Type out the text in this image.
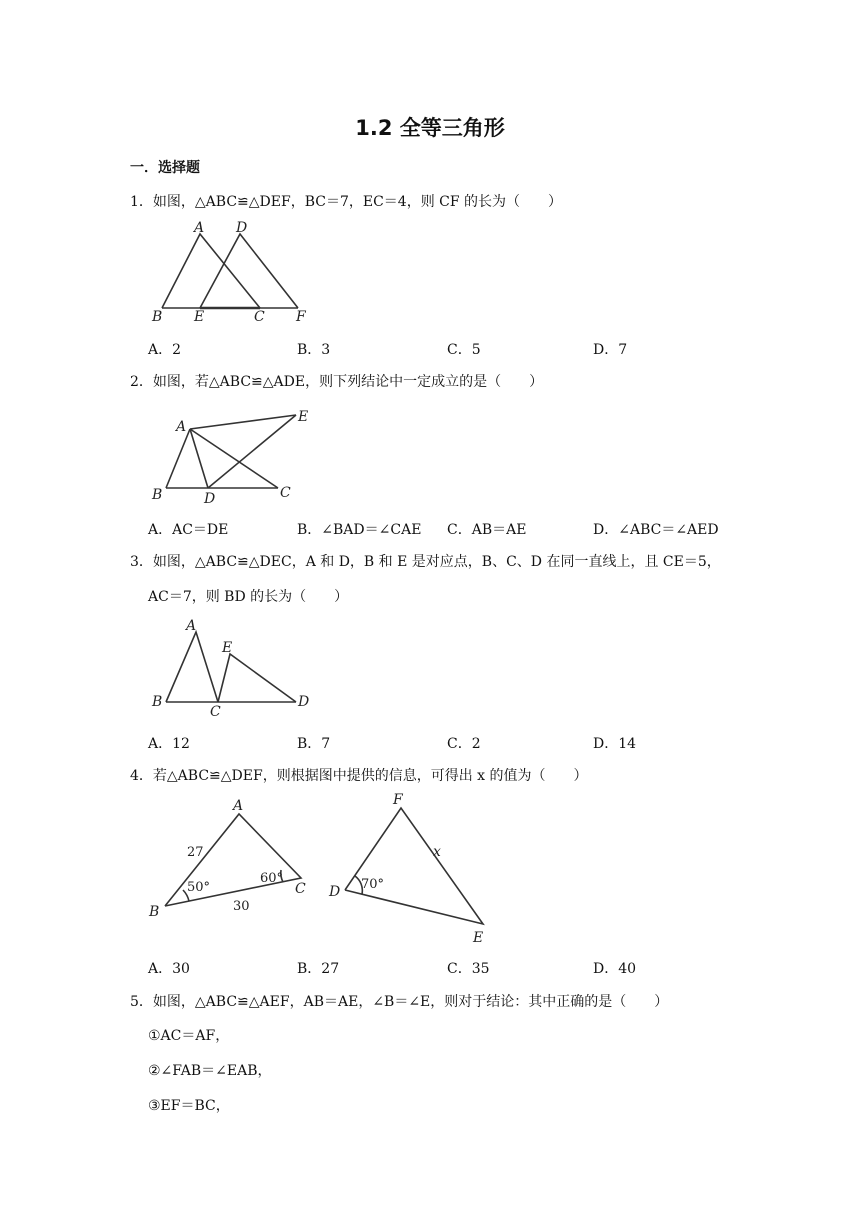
1.2 全等三角形
一．选择题
1．如图，△ABC≌△DEF，BC＝7，EC＝4，则 CF 的长为（　　）
A D
B E	C F
A．2	B．3	C．5	D．7
2．如图，若△ABC≌△ADE，则下列结论中一定成立的是（　　）
A
E
B	D	C
A．AC＝DE	B．∠BAD＝∠CAE C．AB＝AE	D．∠ABC＝∠AED
3．如图，△ABC≌△DEC，A 和 D，B 和 E 是对应点，B、C、D 在同一直线上，且 CE＝5，
AC＝7，则 BD 的长为（　　）
A
E
B
C
D
A．12	B．7	C．2	D．14
4．若△ABC≌△DEF，则根据图中提供的信息，可得出 x 的值为（　　）
A
B
C
27
30
50°
60°
F
D
E
70°
x
A．30	B．27	C．35	D．40
5．如图，△ABC≌△AEF，AB＝AE，∠B＝∠E，则对于结论：其中正确的是（　　）
①AC＝AF，
②∠FAB＝∠EAB，
③EF＝BC，
